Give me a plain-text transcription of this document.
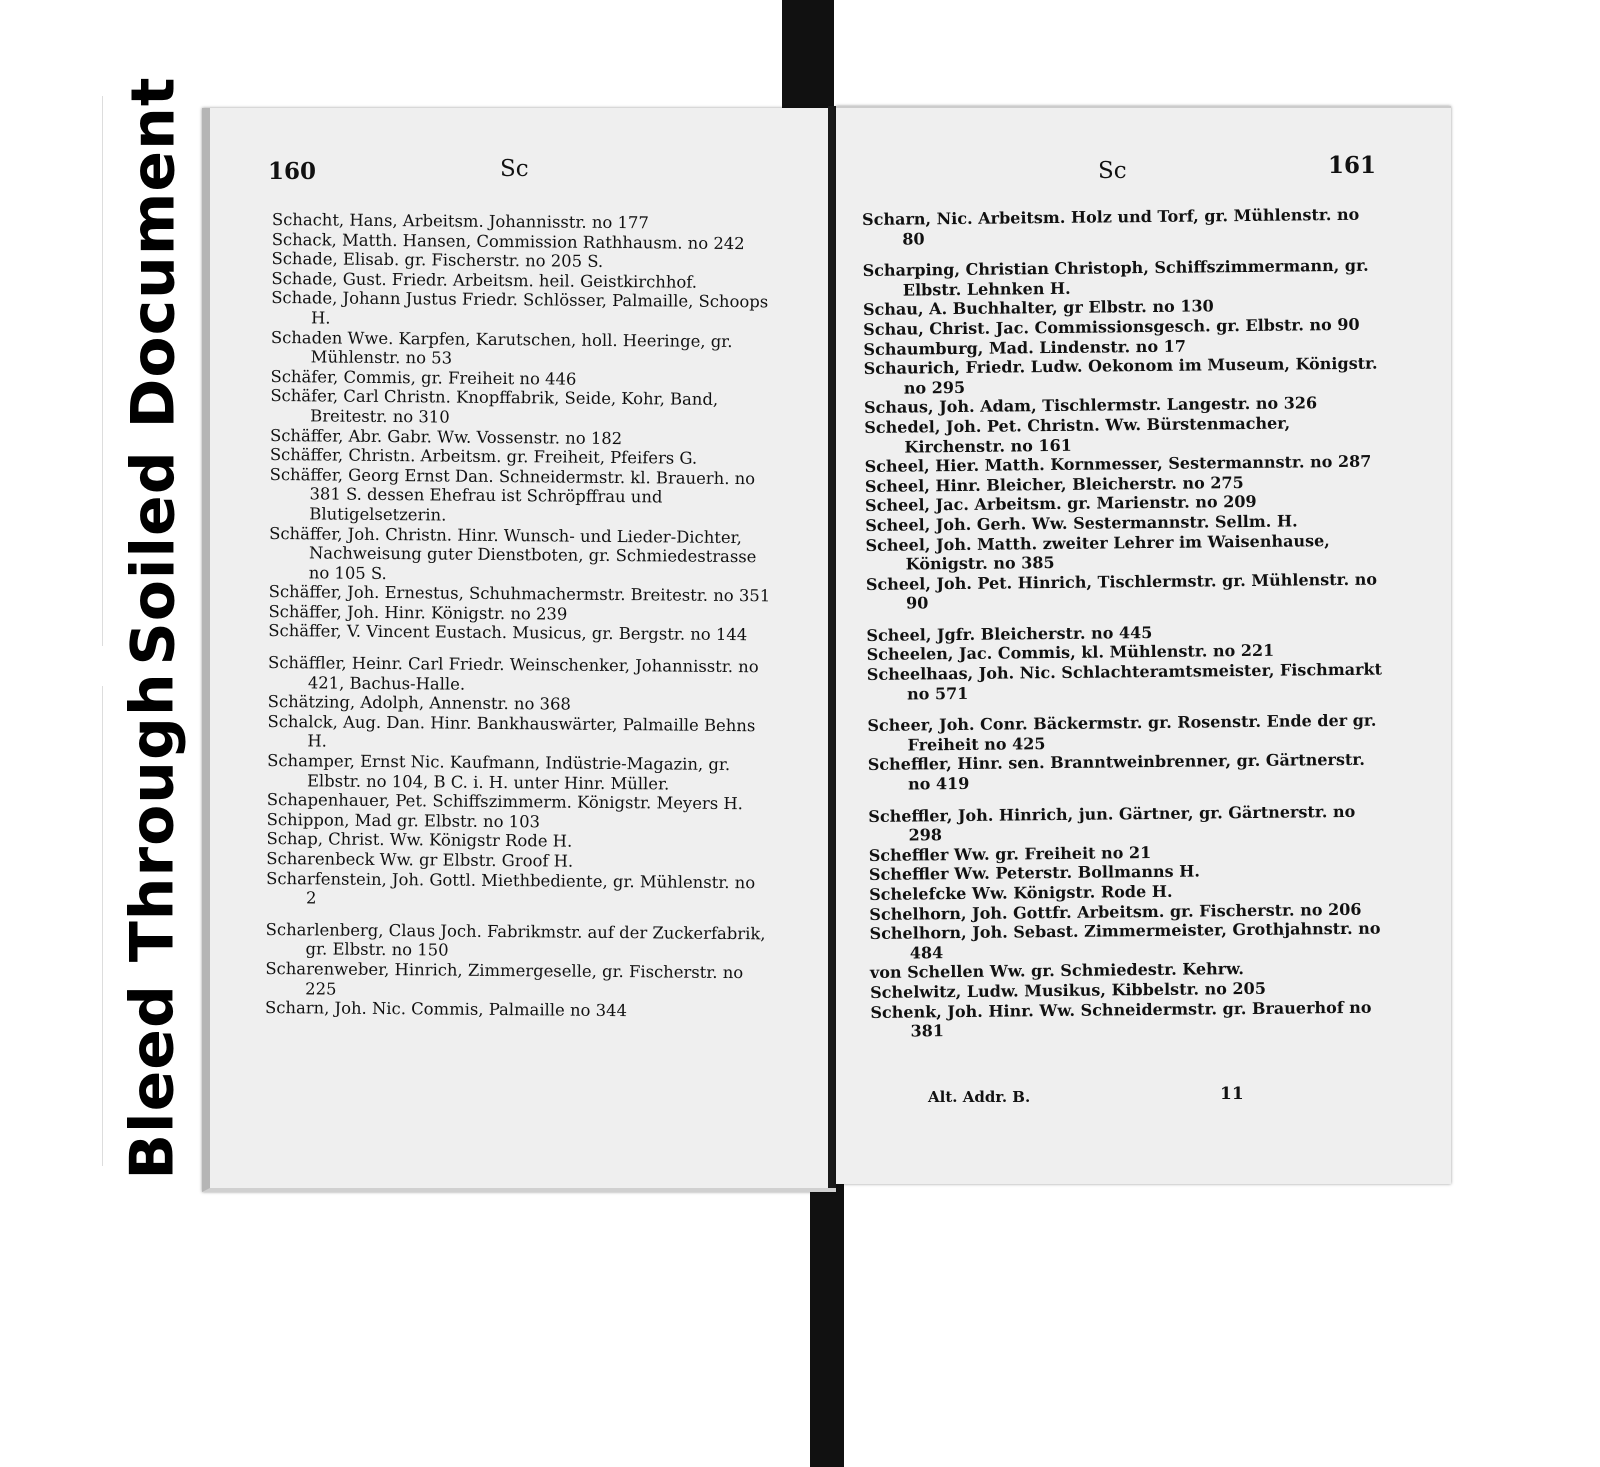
Soiled Document
Bleed Through
160	Sc
Schacht, Hans, Arbeitsm. Johannisstr. no 177
Schack, Matth. Hansen, Commission Rathhausm. no 242
Schade, Elisab. gr. Fischerstr. no 205 S.
Schade, Gust. Friedr. Arbeitsm. heil. Geistkirchhof.
Schade, Johann Justus Friedr. Schlösser, Palmaille, Schoops H.
Schaden Wwe. Karpfen, Karutschen, holl. Heeringe, gr. Mühlenstr. no 53
Schäfer, Commis, gr. Freiheit no 446
Schäfer, Carl Christn. Knopffabrik, Seide, Kohr, Band, Breitestr. no 310
Schäffer, Abr. Gabr. Ww. Vossenstr. no 182
Schäffer, Christn. Arbeitsm. gr. Freiheit, Pfeifers G.
Schäffer, Georg Ernst Dan. Schneidermstr. kl. Brauerh. no 381 S. dessen Ehefrau ist Schröpffrau und Blutigelsetzerin.
Schäffer, Joh. Christn. Hinr. Wunsch- und Lieder-Dichter, Nachweisung guter Dienstboten, gr. Schmiedestrasse no 105 S.
Schäffer, Joh. Ernestus, Schuhmachermstr. Breitestr. no 351
Schäffer, Joh. Hinr. Königstr. no 239
Schäffer, V. Vincent Eustach. Musicus, gr. Bergstr. no 144
Schäffler, Heinr. Carl Friedr. Weinschenker, Johannisstr. no 421, Bachus-Halle.
Schätzing, Adolph, Annenstr. no 368
Schalck, Aug. Dan. Hinr. Bankhauswärter, Palmaille Behns H.
Schamper, Ernst Nic. Kaufmann, Indüstrie-Magazin, gr. Elbstr. no 104, B C. i. H. unter Hinr. Müller.
Schapenhauer, Pet. Schiffszimmerm. Königstr. Meyers H.
Schippon, Mad gr. Elbstr. no 103
Schap, Christ. Ww. Königstr Rode H.
Scharenbeck Ww. gr Elbstr. Groof H.
Scharfenstein, Joh. Gottl. Miethbediente, gr. Mühlenstr. no 2
Scharlenberg, Claus Joch. Fabrikmstr. auf der Zuckerfabrik, gr. Elbstr. no 150
Scharenweber, Hinrich, Zimmergeselle, gr. Fischerstr. no 225
Scharn, Joh. Nic. Commis, Palmaille no 344
Sc	161
Scharn, Nic. Arbeitsm. Holz und Torf, gr. Mühlenstr. no 80
Scharping, Christian Christoph, Schiffszimmermann, gr. Elbstr. Lehnken H.
Schau, A. Buchhalter, gr Elbstr. no 130
Schau, Christ. Jac. Commissionsgesch. gr. Elbstr. no 90
Schaumburg, Mad. Lindenstr. no 17
Schaurich, Friedr. Ludw. Oekonom im Museum, Königstr. no 295
Schaus, Joh. Adam, Tischlermstr. Langestr. no 326
Schedel, Joh. Pet. Christn. Ww. Bürstenmacher, Kirchenstr. no 161
Scheel, Hier. Matth. Kornmesser, Sestermannstr. no 287
Scheel, Hinr. Bleicher, Bleicherstr. no 275
Scheel, Jac. Arbeitsm. gr. Marienstr. no 209
Scheel, Joh. Gerh. Ww. Sestermannstr. Sellm. H.
Scheel, Joh. Matth. zweiter Lehrer im Waisenhause, Königstr. no 385
Scheel, Joh. Pet. Hinrich, Tischlermstr. gr. Mühlenstr. no 90
Scheel, Jgfr. Bleicherstr. no 445
Scheelen, Jac. Commis, kl. Mühlenstr. no 221
Scheelhaas, Joh. Nic. Schlachteramtsmeister, Fischmarkt no 571
Scheer, Joh. Conr. Bäckermstr. gr. Rosenstr. Ende der gr. Freiheit no 425
Scheffler, Hinr. sen. Branntweinbrenner, gr. Gärtnerstr. no 419
Scheffler, Joh. Hinrich, jun. Gärtner, gr. Gärtnerstr. no 298
Scheffler Ww. gr. Freiheit no 21
Scheffler Ww. Peterstr. Bollmanns H.
Schelefcke Ww. Königstr. Rode H.
Schelhorn, Joh. Gottfr. Arbeitsm. gr. Fischerstr. no 206
Schelhorn, Joh. Sebast. Zimmermeister, Grothjahnstr. no 484
von Schellen Ww. gr. Schmiedestr. Kehrw.
Schelwitz, Ludw. Musikus, Kibbelstr. no 205
Schenk, Joh. Hinr. Ww. Schneidermstr. gr. Brauerhof no 381
Alt. Addr. B.	11
